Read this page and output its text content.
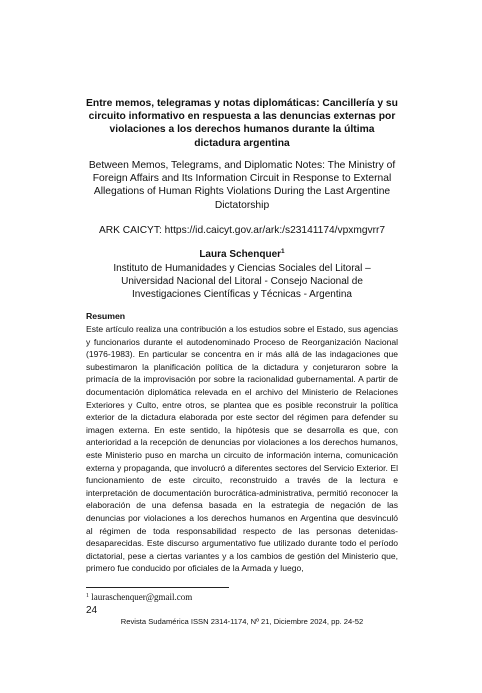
Entre memos, telegramas y notas diplomáticas: Cancillería y su circuito informativo en respuesta a las denuncias externas por violaciones a los derechos humanos durante la última dictadura argentina
Between Memos, Telegrams, and Diplomatic Notes: The Ministry of Foreign Affairs and Its Information Circuit in Response to External Allegations of Human Rights Violations During the Last Argentine Dictatorship
ARK CAICYT: https://id.caicyt.gov.ar/ark:/s23141174/vpxmgvrr7
Laura Schenquer$^1$
Instituto de Humanidades y Ciencias Sociales del Litoral – Universidad Nacional del Litoral - Consejo Nacional de Investigaciones Científicas y Técnicas - Argentina
Resumen
Este artículo realiza una contribución a los estudios sobre el Estado, sus agencias y funcionarios durante el autodenominado Proceso de Reorganización Nacional (1976-1983). En particular se concentra en ir más allá de las indagaciones que subestimaron la planificación política de la dictadura y conjeturaron sobre la primacía de la improvisación por sobre la racionalidad gubernamental. A partir de documentación diplomática relevada en el archivo del Ministerio de Relaciones Exteriores y Culto, entre otros, se plantea que es posible reconstruir la política exterior de la dictadura elaborada por este sector del régimen para defender su imagen externa. En este sentido, la hipótesis que se desarrolla es que, con anterioridad a la recepción de denuncias por violaciones a los derechos humanos, este Ministerio puso en marcha un circuito de información interna, comunicación externa y propaganda, que involucró a diferentes sectores del Servicio Exterior. El funcionamiento de este circuito, reconstruido a través de la lectura e interpretación de documentación burocrática-administrativa, permitió reconocer la elaboración de una defensa basada en la estrategia de negación de las denuncias por violaciones a los derechos humanos en Argentina que desvinculó al régimen de toda responsabilidad respecto de las personas detenidas-desaparecidas. Este discurso argumentativo fue utilizado durante todo el período dictatorial, pese a ciertas variantes y a los cambios de gestión del Ministerio que, primero fue conducido por oficiales de la Armada y luego,
$^1$ lauraschenquer@gmail.com
24
Revista Sudamérica ISSN 2314-1174, Nº 21, Diciembre 2024, pp. 24-52
